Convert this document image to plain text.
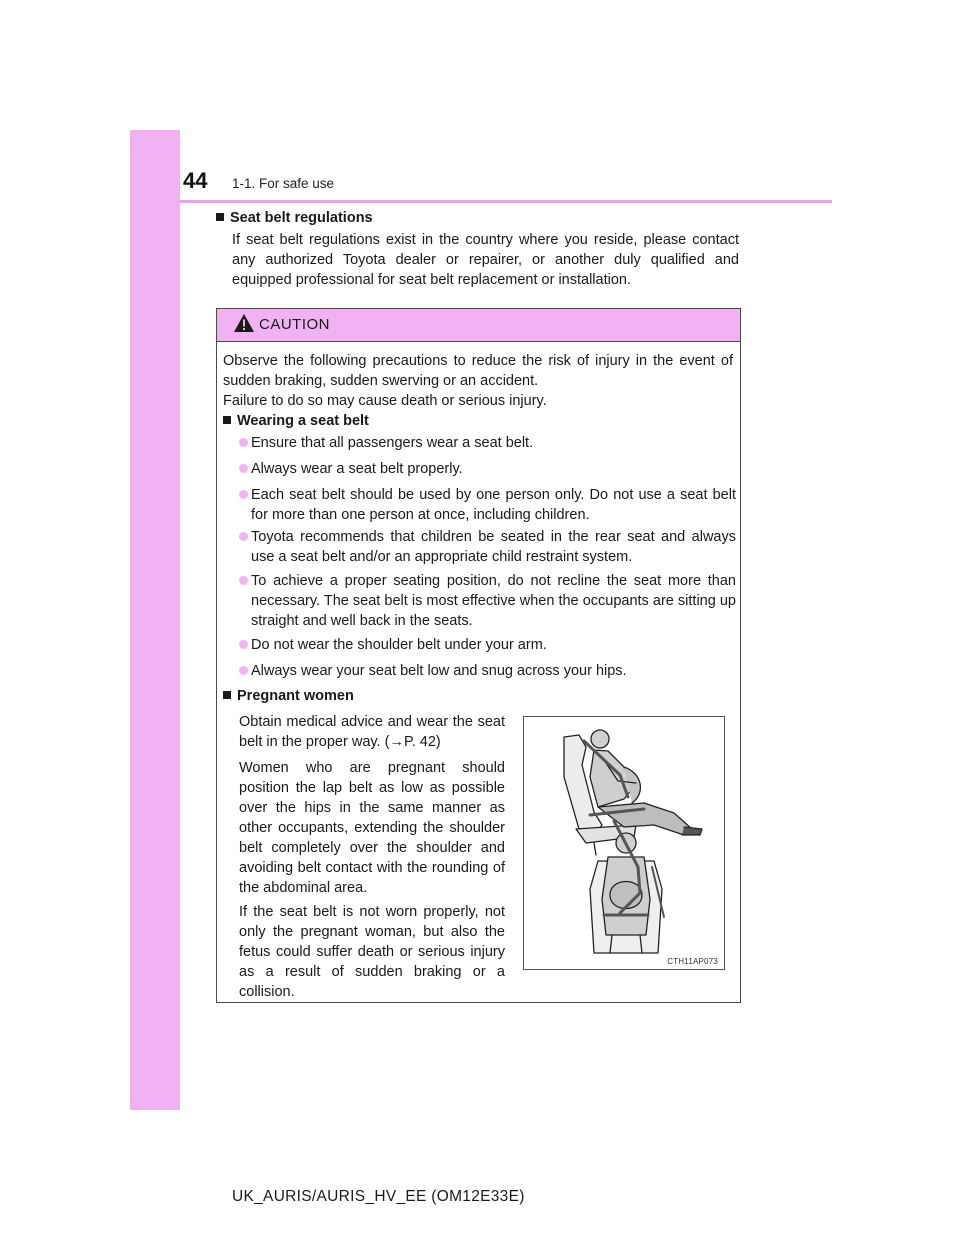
44 1-1. For safe use
Seat belt regulations
If seat belt regulations exist in the country where you reside, please contact any authorized Toyota dealer or repairer, or another duly qualified and equipped professional for seat belt replacement or installation.
CAUTION
Observe the following precautions to reduce the risk of injury in the event of sudden braking, sudden swerving or an accident.
Failure to do so may cause death or serious injury.
Wearing a seat belt
Ensure that all passengers wear a seat belt.
Always wear a seat belt properly.
Each seat belt should be used by one person only. Do not use a seat belt for more than one person at once, including children.
Toyota recommends that children be seated in the rear seat and always use a seat belt and/or an appropriate child restraint system.
To achieve a proper seating position, do not recline the seat more than necessary. The seat belt is most effective when the occupants are sitting up straight and well back in the seats.
Do not wear the shoulder belt under your arm.
Always wear your seat belt low and snug across your hips.
Pregnant women
Obtain medical advice and wear the seat belt in the proper way. (→P. 42)
Women who are pregnant should position the lap belt as low as possible over the hips in the same manner as other occupants, extending the shoulder belt completely over the shoulder and avoiding belt contact with the rounding of the abdominal area.
If the seat belt is not worn properly, not only the pregnant woman, but also the fetus could suffer death or serious injury as a result of sudden braking or a collision.
CTH11AP073
UK_AURIS/AURIS_HV_EE (OM12E33E)
